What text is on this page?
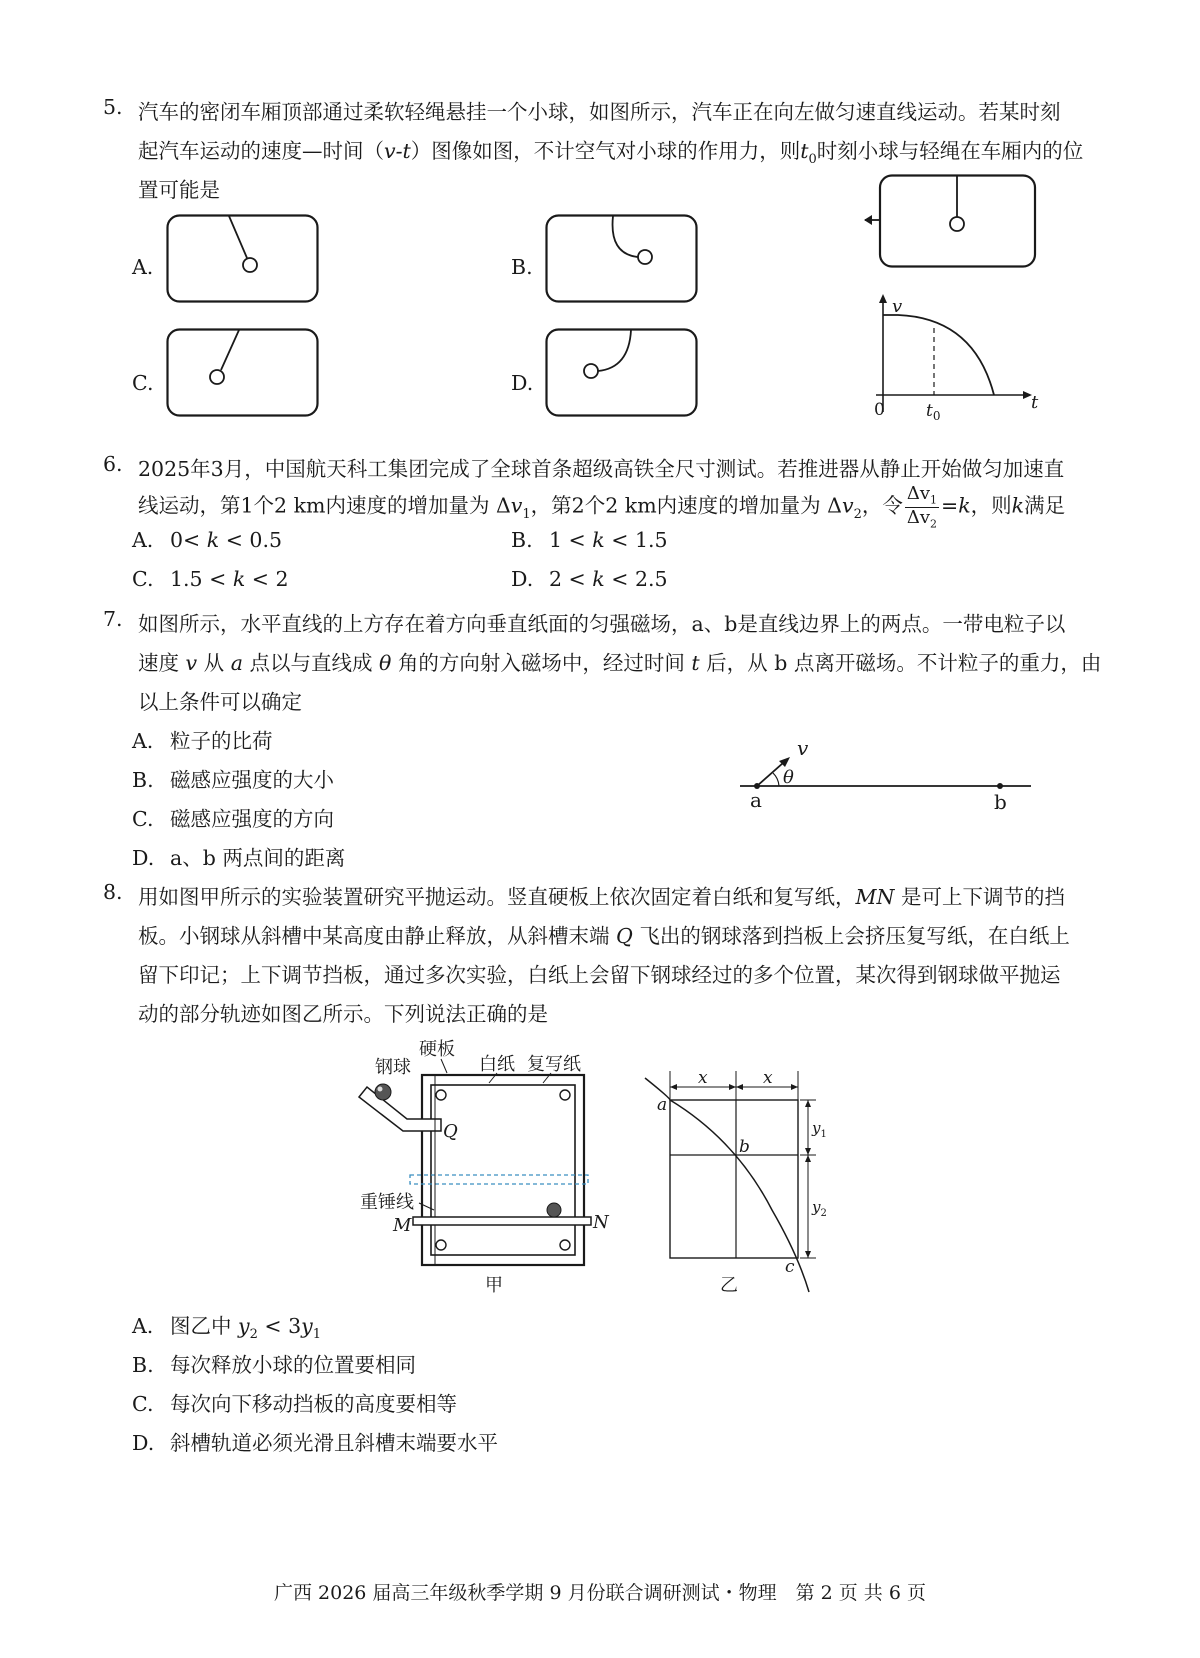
5. 汽车的密闭车厢顶部通过柔软轻绳悬挂一个小球，如图所示，汽车正在向左做匀速直线运动。若某时刻
起汽车运动的速度—时间（v-t）图像如图，不计空气对小球的作用力，则$t_0$时刻小球与轻绳在车厢内的位
置可能是
A.	B.
C.	D.
v
t
0 $t_0$
6. 2025年3月，中国航天科工集团完成了全球首条超级高铁全尺寸测试。若推进器从静止开始做匀加速直
线运动，第1个2 km内速度的增加量为 $\Delta v_1$，第2个2 km内速度的增加量为 $\Delta v_2$，令 $\frac{\Delta v_1}{\Delta v_2} =k$，则k满足
A. 0< k < 0.5	B. 1 < k < 1.5
C. 1.5 < k < 2	D. 2 < k < 2.5
7. 如图所示，水平直线的上方存在着方向垂直纸面的匀强磁场，a、b是直线边界上的两点。一带电粒子以
速度 v 从 a 点以与直线成 θ 角的方向射入磁场中，经过时间 t 后，从 b 点离开磁场。不计粒子的重力，由
以上条件可以确定
A. 粒子的比荷
B. 磁感应强度的大小
C. 磁感应强度的方向
D. a、b 两点间的距离
v
θ
a	b
8. 用如图甲所示的实验装置研究平抛运动。竖直硬板上依次固定着白纸和复写纸，MN 是可上下调节的挡
板。小钢球从斜槽中某高度由静止释放，从斜槽末端 Q 飞出的钢球落到挡板上会挤压复写纸，在白纸上
留下印记；上下调节挡板，通过多次实验，白纸上会留下钢球经过的多个位置，某次得到钢球做平抛运
动的部分轨迹如图乙所示。下列说法正确的是
硬板
白纸 复写纸
钢球
Q
重锤线
M	N
甲
x	x
$y_1$
$y_2$
a
b
c
乙
A. 图乙中 $y_2 < 3y_1$
B. 每次释放小球的位置要相同
C. 每次向下移动挡板的高度要相等
D. 斜槽轨道必须光滑且斜槽末端要水平
广西 2026 届高三年级秋季学期 9 月份联合调研测试・物理　第 2 页 共 6 页
